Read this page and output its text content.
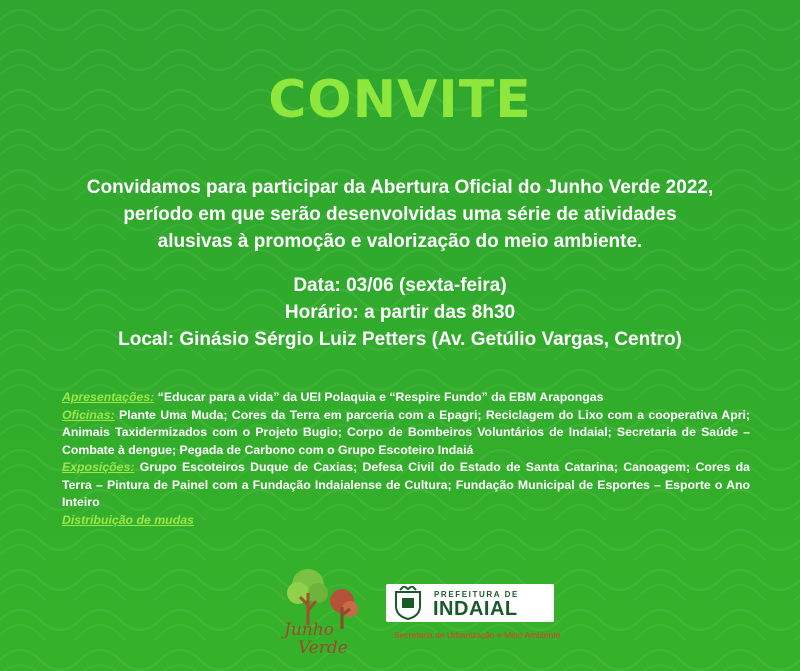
CONVITE
Convidamos para participar da Abertura Oficial do Junho Verde 2022,
período em que serão desenvolvidas uma série de atividades
alusivas à promoção e valorização do meio ambiente.
Data: 03/06 (sexta-feira)
Horário: a partir das 8h30
Local: Ginásio Sérgio Luiz Petters (Av. Getúlio Vargas, Centro)
Apresentações: “Educar para a vida” da UEI Polaquia e “Respire Fundo” da EBM Arapongas
Oficinas: Plante Uma Muda; Cores da Terra em parceria com a Epagri; Reciclagem do Lixo com a cooperativa Apri; Animais Taxidermizados com o Projeto Bugio; Corpo de Bombeiros Voluntários de Indaial; Secretaria de Saúde – Combate à dengue; Pegada de Carbono com o Grupo Escoteiro Indaiá
Exposições: Grupo Escoteiros Duque de Caxias; Defesa Civil do Estado de Santa Catarina; Canoagem; Cores da Terra – Pintura de Painel com a Fundação Indaialense de Cultura; Fundação Municipal de Esportes – Esporte o Ano Inteiro
Distribuição de mudas
Junho
Verde
PREFEITURA DE
INDAIAL
Secretaria de Urbanização e Meio Ambiente
